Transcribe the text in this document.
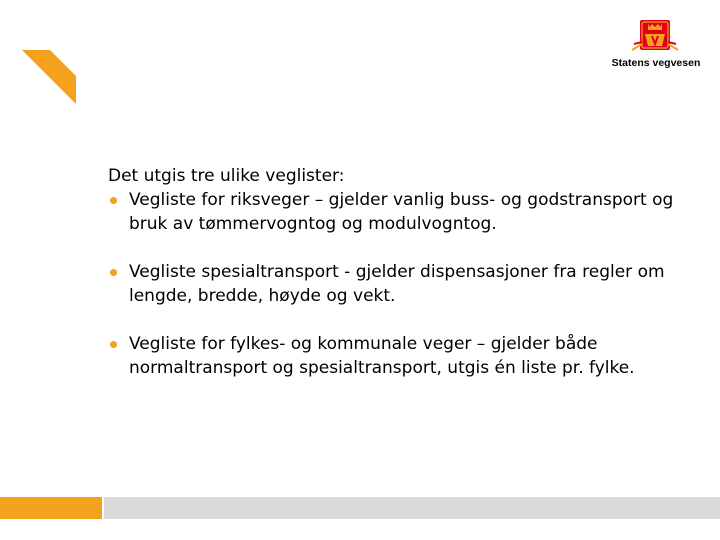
Statens vegvesen
Det utgis tre ulike veglister:
Vegliste for riksveger – gjelder vanlig buss- og godstransport og bruk av tømmervogntog og modulvogntog.
Vegliste spesialtransport - gjelder dispensasjoner fra regler om lengde, bredde, høyde og vekt.
Vegliste for fylkes- og kommunale veger – gjelder både normaltransport og spesialtransport, utgis én liste pr. fylke.
